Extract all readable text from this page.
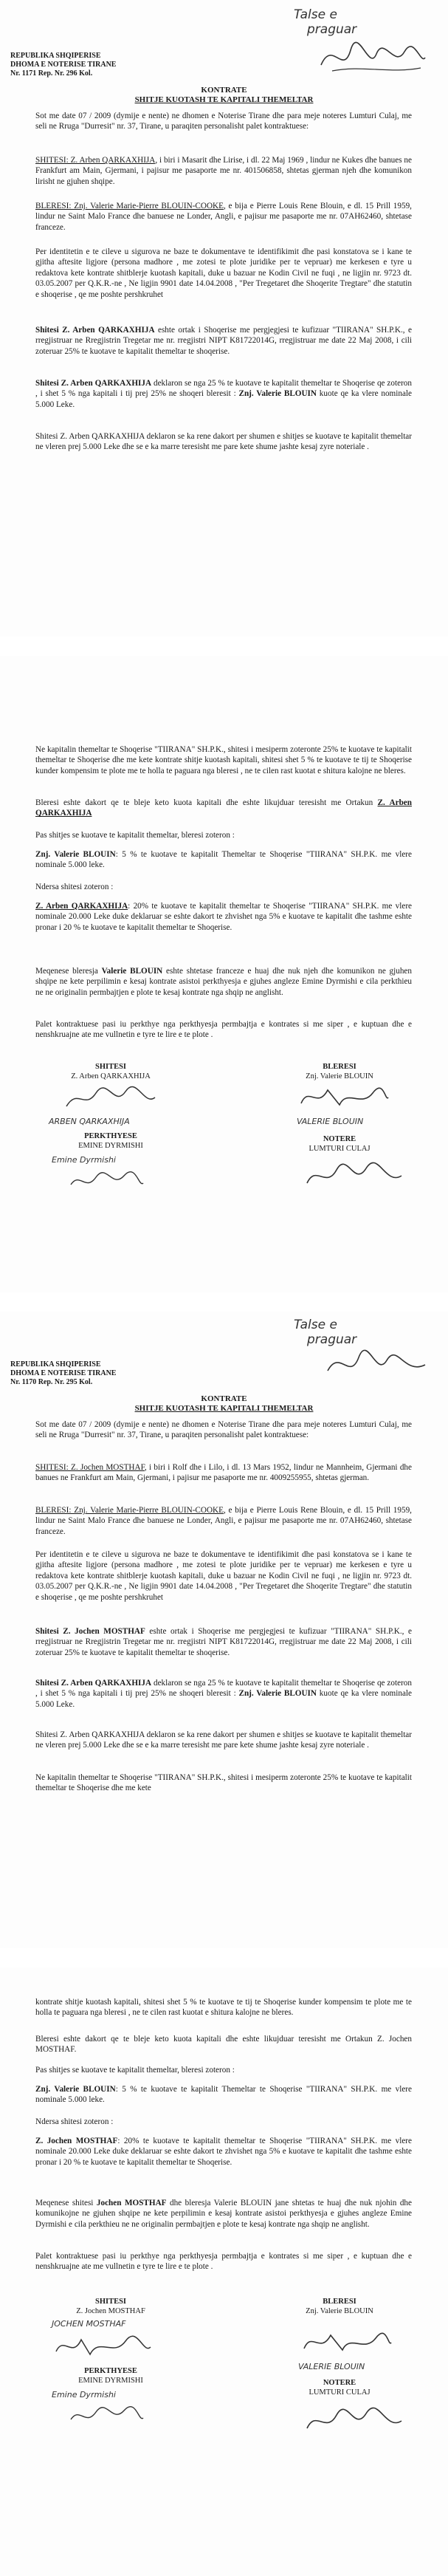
Talse e
praguar
REPUBLIKA SHQIPERISE
DHOMA E NOTERISE TIRANE
Nr. 1171 Rep. Nr. 296 Kol.
KONTRATE
SHITJE KUOTASH TE KAPITALI THEMELTAR
Sot me date 07 / 2009 (dymije e nente) ne dhomen e Noterise Tirane dhe para meje noteres Lumturi Culaj, me seli ne Rruga "Durresit" nr. 37, Tirane, u paraqiten personalisht palet kontraktuese:
SHITESI: Z. Arben QARKAXHIJA, i biri i Masarit dhe Lirise, i dl. 22 Maj 1969 , lindur ne Kukes dhe banues ne Frankfurt am Main, Gjermani, i pajisur me pasaporte me nr. 401506858, shtetas gjerman njeh dhe komunikon lirisht ne gjuhen shqipe.
BLERESI: Znj. Valerie Marie-Pierre BLOUIN-COOKE, e bija e Pierre Louis Rene Blouin, e dl. 15 Prill 1959, lindur ne Saint Malo France dhe banuese ne Londer, Angli, e pajisur me pasaporte me nr. 07AH62460, shtetase franceze.
Per identitetin e te cileve u sigurova ne baze te dokumentave te identifikimit dhe pasi konstatova se i kane te gjitha aftesite ligjore (persona madhore , me zotesi te plote juridike per te vepruar) me kerkesen e tyre u redaktova kete kontrate shitblerje kuotash kapitali, duke u bazuar ne Kodin Civil ne fuqi , ne ligjin nr. 9723 dt. 03.05.2007 per Q.K.R.-ne , Ne ligjin 9901 date 14.04.2008 , "Per Tregetaret dhe Shoqerite Tregtare" dhe statutin e shoqerise , qe me poshte pershkruhet
Shitesi Z. Arben QARKAXHIJA eshte ortak i Shoqerise me pergjegjesi te kufizuar "TIIRANA" SH.P.K., e rregjistruar ne Rregjistrin Tregetar me nr. rregjistri NIPT K81722014G, rregjistruar me date 22 Maj 2008, i cili zoteruar 25% te kuotave te kapitalit themeltar te shoqerise.
Shitesi Z. Arben QARKAXHIJA deklaron se nga 25 % te kuotave te kapitalit themeltar te Shoqerise qe zoteron , i shet 5 % nga kapitali i tij prej 25% ne shoqeri bleresit : Znj. Valerie BLOUIN kuote qe ka vlere nominale 5.000 Leke.
Shitesi Z. Arben QARKAXHIJA deklaron se ka rene dakort per shumen e shitjes se kuotave te kapitalit themeltar ne vleren prej 5.000 Leke dhe se e ka marre teresisht me pare kete shume jashte kesaj zyre noteriale .
Ne kapitalin themeltar te Shoqerise "TIIRANA" SH.P.K., shitesi i mesiperm zoteronte 25% te kuotave te kapitalit themeltar te Shoqerise dhe me kete kontrate shitje kuotash kapitali, shitesi shet 5 % te kuotave te tij te Shoqerise kunder kompensim te plote me te holla te paguara nga bleresi , ne te cilen rast kuotat e shitura kalojne ne bleres.
Bleresi eshte dakort qe te bleje keto kuota kapitali dhe eshte likujduar teresisht me Ortakun Z. Arben QARKAXHIJA
Pas shitjes se kuotave te kapitalit themeltar, bleresi zoteron :
Znj. Valerie BLOUIN: 5 % te kuotave te kapitalit Themeltar te Shoqerise "TIIRANA" SH.P.K. me vlere nominale 5.000 leke.
Ndersa shitesi zoteron :
Z. Arben QARKAXHIJA: 20% te kuotave te kapitalit themeltar te Shoqerise "TIIRANA" SH.P.K. me vlere nominale 20.000 Leke duke deklaruar se eshte dakort te zhvishet nga 5% e kuotave te kapitalit dhe tashme eshte pronar i 20 % te kuotave te kapitalit themeltar te Shoqerise.
Meqenese bleresja Valerie BLOUIN eshte shtetase franceze e huaj dhe nuk njeh dhe komunikon ne gjuhen shqipe ne kete perpilimin e kesaj kontrate asistoi perkthyesja e gjuhes angleze Emine Dyrmishi e cila perkthieu ne ne originalin permbajtjen e plote te kesaj kontrate nga shqip ne anglisht.
Palet kontraktuese pasi iu perkthye nga perkthyesja permbajtja e kontrates si me siper , e kuptuan dhe e nenshkruajne ate me vullnetin e tyre te lire e te plote .
SHITESI
Z. Arben QARKAXHIJA
BLERESI
Znj. Valerie BLOUIN
ARBEN QARKAXHIJA	VALERIE BLOUIN
PERKTHYESE
EMINE DYRMISHI
NOTERE
LUMTURI CULAJ
Emine Dyrmishi
Talse e
praguar
REPUBLIKA SHQIPERISE
DHOMA E NOTERISE TIRANE
Nr. 1170 Rep. Nr. 295 Kol.
KONTRATE
SHITJE KUOTASH TE KAPITALI THEMELTAR
Sot me date 07 / 2009 (dymije e nente) ne dhomen e Noterise Tirane dhe para meje noteres Lumturi Culaj, me seli ne Rruga "Durresit" nr. 37, Tirane, u paraqiten personalisht palet kontraktuese:
SHITESI: Z. Jochen MOSTHAF, i biri i Rolf dhe i Lilo, i dl. 13 Mars 1952, lindur ne Mannheim, Gjermani dhe banues ne Frankfurt am Main, Gjermani, i pajisur me pasaporte me nr. 4009255955, shtetas gjerman.
BLERESI: Znj. Valerie Marie-Pierre BLOUIN-COOKE, e bija e Pierre Louis Rene Blouin, e dl. 15 Prill 1959, lindur ne Saint Malo France dhe banuese ne Londer, Angli, e pajisur me pasaporte me nr. 07AH62460, shtetase franceze.
Per identitetin e te cileve u sigurova ne baze te dokumentave te identifikimit dhe pasi konstatova se i kane te gjitha aftesite ligjore (persona madhore , me zotesi te plote juridike per te vepruar) me kerkesen e tyre u redaktova kete kontrate shitblerje kuotash kapitali, duke u bazuar ne Kodin Civil ne fuqi , ne ligjin nr. 9723 dt. 03.05.2007 per Q.K.R.-ne , Ne ligjin 9901 date 14.04.2008 , "Per Tregetaret dhe Shoqerite Tregtare" dhe statutin e shoqerise , qe me poshte pershkruhet
Shitesi Z. Jochen MOSTHAF eshte ortak i Shoqerise me pergjegjesi te kufizuar "TIIRANA" SH.P.K., e rregjistruar ne Rregjistrin Tregetar me nr. rregjistri NIPT K81722014G, rregjistruar me date 22 Maj 2008, i cili zoteruar 25% te kuotave te kapitalit themeltar te shoqerise.
Shitesi Z. Arben QARKAXHIJA deklaron se nga 25 % te kuotave te kapitalit themeltar te Shoqerise qe zoteron , i shet 5 % nga kapitali i tij prej 25% ne shoqeri bleresit : Znj. Valerie BLOUIN kuote qe ka vlere nominale 5.000 Leke.
Shitesi Z. Arben QARKAXHIJA deklaron se ka rene dakort per shumen e shitjes se kuotave te kapitalit themeltar ne vleren prej 5.000 Leke dhe se e ka marre teresisht me pare kete shume jashte kesaj zyre noteriale .
Ne kapitalin themeltar te Shoqerise "TIIRANA" SH.P.K., shitesi i mesiperm zoteronte 25% te kuotave te kapitalit themeltar te Shoqerise dhe me kete
kontrate shitje kuotash kapitali, shitesi shet 5 % te kuotave te tij te Shoqerise kunder kompensim te plote me te holla te paguara nga bleresi , ne te cilen rast kuotat e shitura kalojne ne bleres.
Bleresi eshte dakort qe te bleje keto kuota kapitali dhe eshte likujduar teresisht me Ortakun Z. Jochen MOSTHAF.
Pas shitjes se kuotave te kapitalit themeltar, bleresi zoteron :
Znj. Valerie BLOUIN: 5 % te kuotave te kapitalit Themeltar te Shoqerise "TIIRANA" SH.P.K. me vlere nominale 5.000 leke.
Ndersa shitesi zoteron :
Z. Jochen MOSTHAF: 20% te kuotave te kapitalit themeltar te Shoqerise "TIIRANA" SH.P.K. me vlere nominale 20.000 Leke duke deklaruar se eshte dakort te zhvishet nga 5% e kuotave te kapitalit dhe tashme eshte pronar i 20 % te kuotave te kapitalit themeltar te Shoqerise.
Meqenese shitesi Jochen MOSTHAF dhe bleresja Valerie BLOUIN jane shtetas te huaj dhe nuk njohin dhe komunikojne ne gjuhen shqipe ne kete perpilimin e kesaj kontrate asistoi perkthyesja e gjuhes angleze Emine Dyrmishi e cila perkthieu ne ne originalin permbajtjen e plote te kesaj kontrate nga shqip ne anglisht.
Palet kontraktuese pasi iu perkthye nga perkthyesja permbajtja e kontrates si me siper , e kuptuan dhe e nenshkruajne ate me vullnetin e tyre te lire e te plote .
SHITESI
Z. Jochen MOSTHAF
BLERESI
Znj. Valerie BLOUIN
JOCHEN MOSTHAF
VALERIE BLOUIN
PERKTHYESE
EMINE DYRMISHI	NOTERE
LUMTURI CULAJ
Emine Dyrmishi
